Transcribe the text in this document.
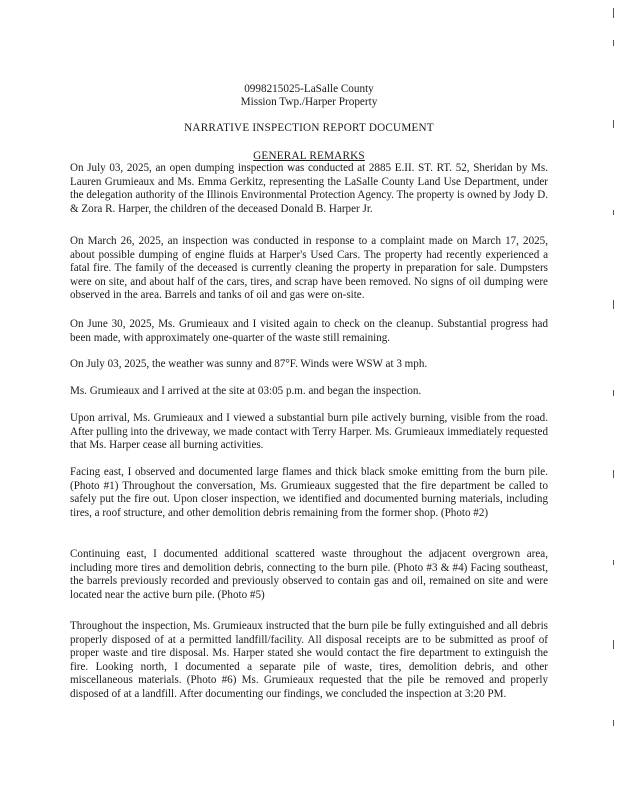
0998215025-LaSalle County
Mission Twp./Harper Property
NARRATIVE INSPECTION REPORT DOCUMENT
GENERAL REMARKS

On July 03, 2025, an open dumping inspection was conducted at 2885 E.II. ST. RT. 52, Sheridan by Ms. Lauren Grumieaux and Ms. Emma Gerkitz, representing the LaSalle County Land Use Department, under the delegation authority of the Illinois Environmental Protection Agency. The property is owned by Jody D. & Zora R. Harper, the children of the deceased Donald B. Harper Jr.

On March 26, 2025, an inspection was conducted in response to a complaint made on March 17, 2025, about possible dumping of engine fluids at Harper's Used Cars. The property had recently experienced a fatal fire. The family of the deceased is currently cleaning the property in preparation for sale. Dumpsters were on site, and about half of the cars, tires, and scrap have been removed. No signs of oil dumping were observed in the area. Barrels and tanks of oil and gas were on-site.

On June 30, 2025, Ms. Grumieaux and I visited again to check on the cleanup. Substantial progress had been made, with approximately one-quarter of the waste still remaining.

On July 03, 2025, the weather was sunny and 87°F. Winds were WSW at 3 mph.

Ms. Grumieaux and I arrived at the site at 03:05 p.m. and began the inspection.

Upon arrival, Ms. Grumieaux and I viewed a substantial burn pile actively burning, visible from the road. After pulling into the driveway, we made contact with Terry Harper. Ms. Grumieaux immediately requested that Ms. Harper cease all burning activities.

Facing east, I observed and documented large flames and thick black smoke emitting from the burn pile. (Photo #1) Throughout the conversation, Ms. Grumieaux suggested that the fire department be called to safely put the fire out. Upon closer inspection, we identified and documented burning materials, including tires, a roof structure, and other demolition debris remaining from the former shop. (Photo #2)

Continuing east, I documented additional scattered waste throughout the adjacent overgrown area, including more tires and demolition debris, connecting to the burn pile. (Photo #3 & #4) Facing southeast, the barrels previously recorded and previously observed to contain gas and oil, remained on site and were located near the active burn pile. (Photo #5)

Throughout the inspection, Ms. Grumieaux instructed that the burn pile be fully extinguished and all debris properly disposed of at a permitted landfill/facility. All disposal receipts are to be submitted as proof of proper waste and tire disposal. Ms. Harper stated she would contact the fire department to extinguish the fire. Looking north, I documented a separate pile of waste, tires, demolition debris, and other miscellaneous materials. (Photo #6) Ms. Grumieaux requested that the pile be removed and properly disposed of at a landfill. After documenting our findings, we concluded the inspection at 3:20 PM.
